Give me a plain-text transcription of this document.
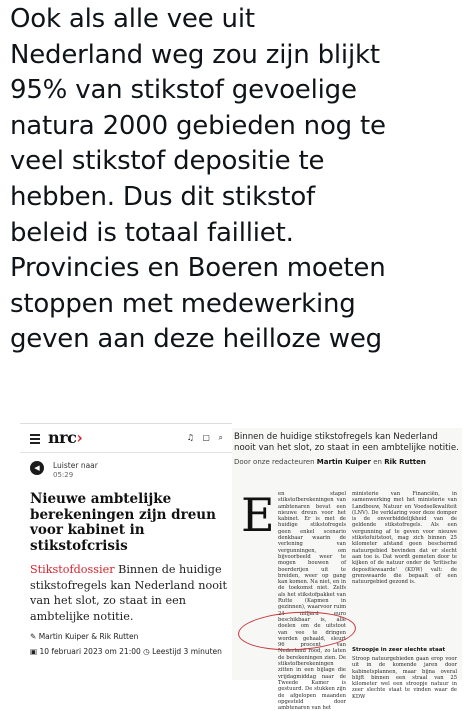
Ook als alle vee uit
Nederland weg zou zijn blijkt
95% van stikstof gevoelige
natura 2000 gebieden nog te
veel stikstof depositie te
hebben. Dus dit stikstof
beleid is totaal failliet.
Provincies en Boeren moeten
stoppen met medewerking
geven aan deze heilloze weg
nrc›	♫ ▢ ⌕
◀	Luister naar
05:29
Nieuwe ambtelijke berekeningen zijn dreun voor kabinet in stikstofcrisis
Stikstofdossier Binnen de huidige stikstofregels kan Nederland nooit van het slot, zo staat in een ambtelijke notitie.
✎ Martin Kuiper & Rik Rutten
▣ 10 februari 2023 om 21:00 ◷ Leestijd 3 minuten
Binnen de huidige stikstofregels kan Nederland nooit van het slot, zo staat in een ambtelijke notitie.
Door onze redacteuren Martin Kuiper en Rik Rutten
E en stapel stikstofberekeningen van ambtenaren bevat een nieuwe dreun voor het kabinet. Er is met de huidige stikstofregels geen enkel scenario denkbaar waarin de verlening van vergunningen, om bijvoorbeeld weer te mogen bouwen of boerderijen uit te breiden, weer op gang kan komen. Na niet, en in de toekomst niet. Zelfs als het stikstofpakket van Rutte (Kapmen in gezinnen), waarvoor ruim 24 miljard euro beschikbaar is, alle doelen om de uitstoot van vee te dringen worden gehaald, sleurt 96 procent van Nederland rood, zo laten de berekeningen zien. De stikstofberekeningen zitten in een bijlage die vrijdagmiddag naar de Tweede Kamer is gestuurd. De stukken zijn de afgelopen maanden opgesteld door ambtenaren van het
ministerie van Financiën, in samenwerking met het ministerie van Landbouw, Natuur en Voedselkwaliteit (LNV). De verklaring voor deze domper is de onverbiddelijkheid van de geldende stikstofregels. Als een vergunning af te geven voor nieuwe stikstofuitstoot, mag zich binnen 25 kilometer afstand geen beschermd natuurgebied bevinden dat er slecht aan toe is. Dat wordt gemeten door te kijken of de natuur onder de 'kritische depositiewaarde' (KDW) valt: de grenswaarde die bepaalt of een natuurgebied gezond is.
Stroopje in zeer slechte staat
Stroop natuurgebieden gaan erop voor uit in de komende jaren door kabinetsplannen, maar bijna overal blijft binnen een straal van 25 kilometer wel een stroopje natuur in zeer slechte staat te vinden waar de KDW
